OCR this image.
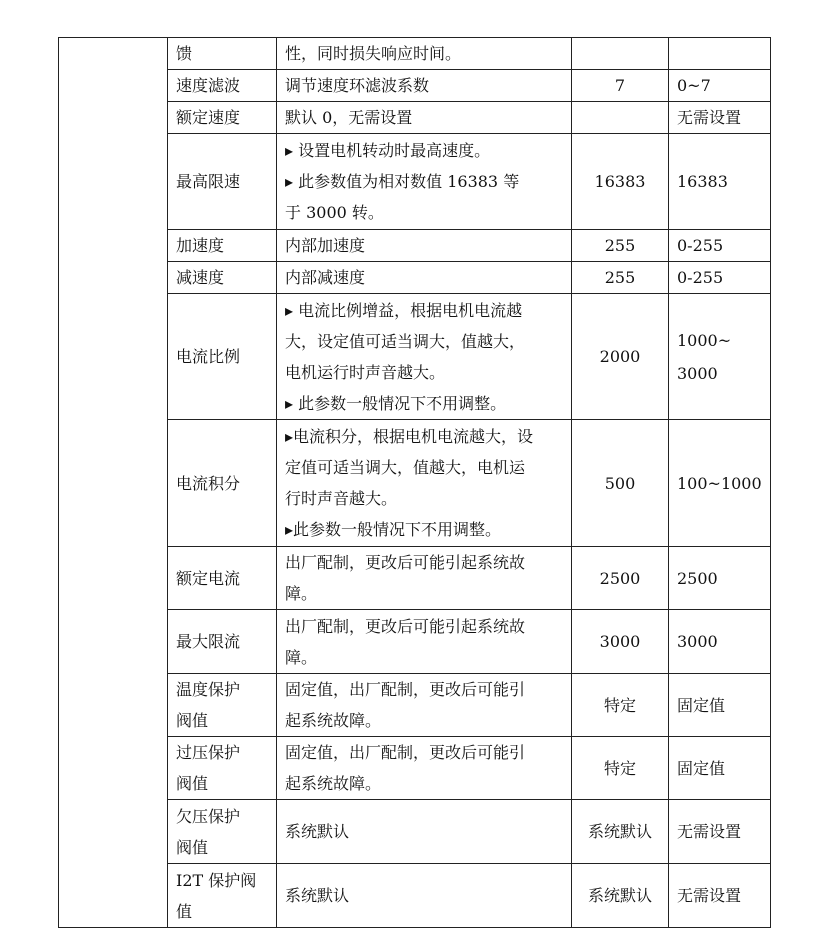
	馈	性，同时损失响应时间。		

	速度滤波	调节速度环滤波系数	7	0~7

	额定速度	默认 0，无需设置		无需设置

	最高限速	▸ 设置电机转动时最高速度。
▸ 此参数值为相对数值 16383 等
于 3000 转。	16383	16383

	加速度	内部加速度	255	0-255

	减速度	内部减速度	255	0-255

	电流比例	▸ 电流比例增益，根据电机电流越
大，设定值可适当调大，值越大，
电机运行时声音越大。
▸ 此参数一般情况下不用调整。	2000	1000~ 3000

	电流积分	▸电流积分，根据电机电流越大，设
定值可适当调大，值越大，电机运
行时声音越大。
▸此参数一般情况下不用调整。	500	100~1000

	额定电流	出厂配制，更改后可能引起系统故
障。	2500	2500

	最大限流	出厂配制，更改后可能引起系统故
障。	3000	3000

	温度保护
阀值	固定值，出厂配制，更改后可能引
起系统故障。	特定	固定值

	过压保护
阀值	固定值，出厂配制，更改后可能引
起系统故障。	特定	固定值

	欠压保护
阀值	系统默认	系统默认	无需设置

	I2T 保护阀
值	系统默认	系统默认	无需设置
